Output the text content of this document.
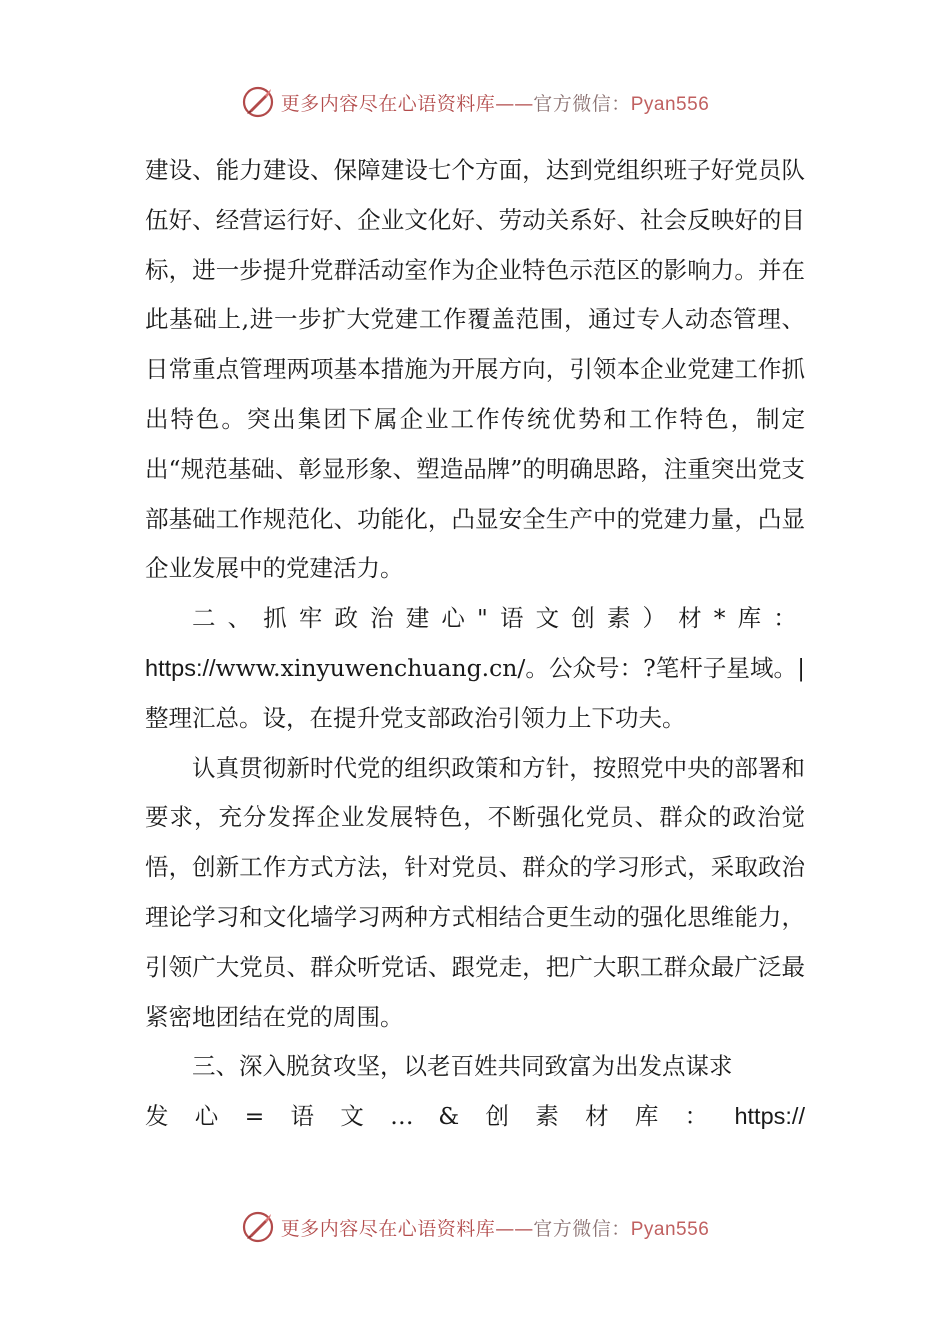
更多内容尽在心语资料库——官方微信：Pyan556

建设、能力建设、保障建设七个方面，达到党组织班子好党员队伍好、经营运行好、企业文化好、劳动关系好、社会反映好的目标，进一步提升党群活动室作为企业特色示范区的影响力。并在此基础上,进一步扩大党建工作覆盖范围，通过专人动态管理、日常重点管理两项基本措施为开展方向，引领本企业党建工作抓出特色。突出集团下属企业工作传统优势和工作特色，制定出“规范基础、彰显形象、塑造品牌”的明确思路，注重突出党支部基础工作规范化、功能化，凸显安全生产中的党建力量，凸显企业发展中的党建活力。

二、抓牢政治建心"语文创素）材*库：https://www.xinyuwenchuang.cn/。公众号：?笔杆子星域。|整理汇总。设，在提升党支部政治引领力上下功夫。

认真贯彻新时代党的组织政策和方针，按照党中央的部署和要求，充分发挥企业发展特色，不断强化党员、群众的政治觉悟，创新工作方式方法，针对党员、群众的学习形式，采取政治理论学习和文化墙学习两种方式相结合更生动的强化思维能力，引领广大党员、群众听党话、跟党走，把广大职工群众最广泛最紧密地团结在党的周围。

三、深入脱贫攻坚，以老百姓共同致富为出发点谋求

发心=语文…&创素材库：https://

更多内容尽在心语资料库——官方微信：Pyan556
